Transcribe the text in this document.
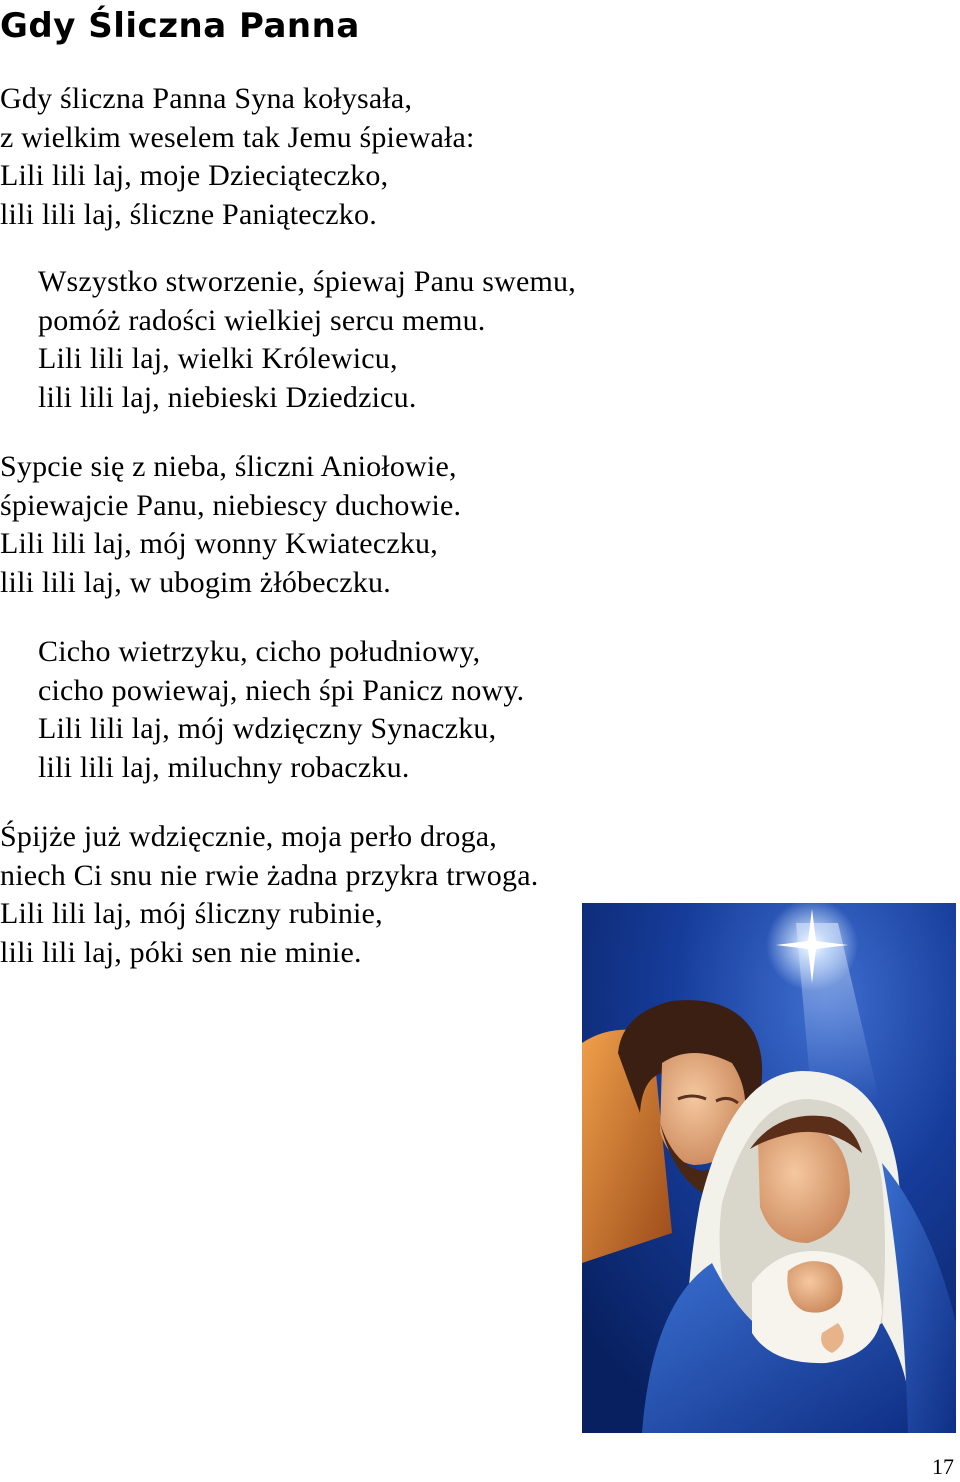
Gdy Śliczna Panna
Gdy śliczna Panna Syna kołysała,
z wielkim weselem tak Jemu śpiewała:
Lili lili laj, moje Dzieciąteczko,
lili lili laj, śliczne Paniąteczko.
Wszystko stworzenie, śpiewaj Panu swemu,
pomóż radości wielkiej sercu memu.
Lili lili laj, wielki Królewicu,
lili lili laj, niebieski Dziedzicu.
Sypcie się z nieba, śliczni Aniołowie,
śpiewajcie Panu, niebiescy duchowie.
Lili lili laj, mój wonny Kwiateczku,
lili lili laj, w ubogim żłóbeczku.
Cicho wietrzyku, cicho południowy,
cicho powiewaj, niech śpi Panicz nowy.
Lili lili laj, mój wdzięczny Synaczku,
lili lili laj, miluchny robaczku.
Śpijże już wdzięcznie, moja perło droga,
niech Ci snu nie rwie żadna przykra trwoga.
Lili lili laj, mój śliczny rubinie,
lili lili laj, póki sen nie minie.
17
